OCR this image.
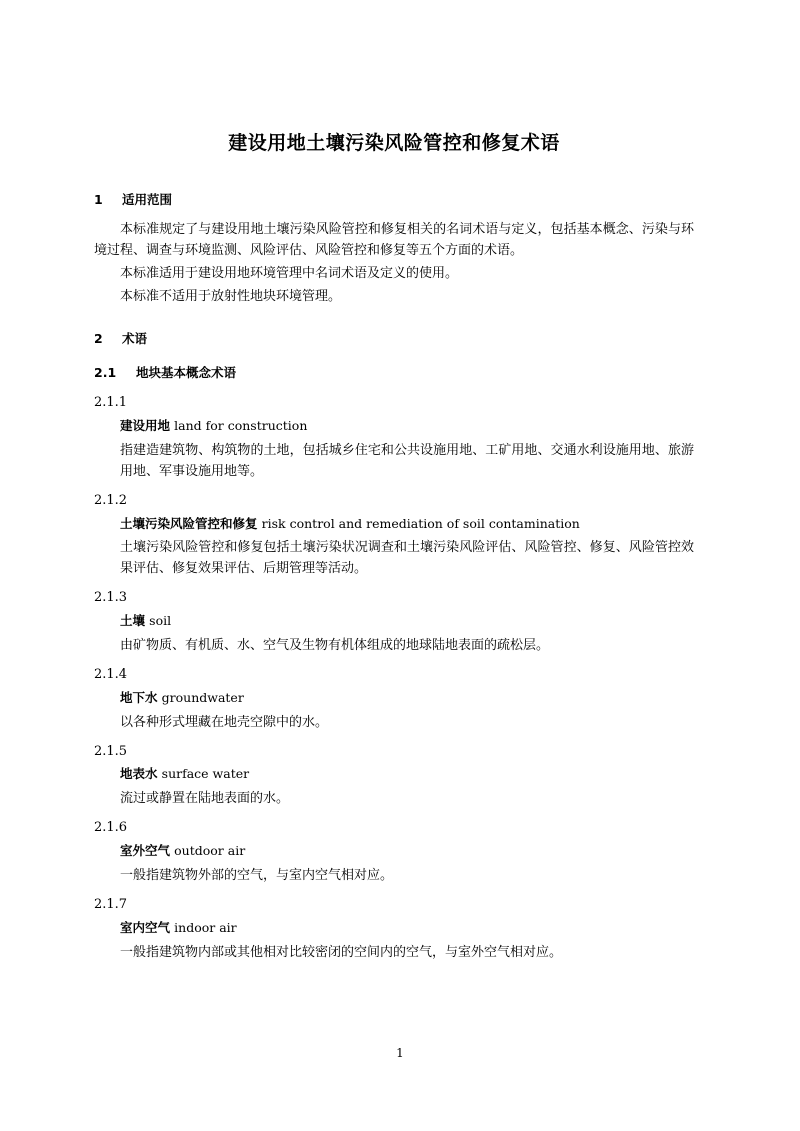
建设用地土壤污染风险管控和修复术语
1 适用范围

本标准规定了与建设用地土壤污染风险管控和修复相关的名词术语与定义，包括基本概念、污染与环境过程、调查与环境监测、风险评估、风险管控和修复等五个方面的术语。

本标准适用于建设用地环境管理中名词术语及定义的使用。

本标准不适用于放射性地块环境管理。

2 术语
2.1 地块基本概念术语
2.1.1
建设用地 land for construction
指建造建筑物、构筑物的土地，包括城乡住宅和公共设施用地、工矿用地、交通水利设施用地、旅游用地、军事设施用地等。
2.1.2
土壤污染风险管控和修复 risk control and remediation of soil contamination
土壤污染风险管控和修复包括土壤污染状况调查和土壤污染风险评估、风险管控、修复、风险管控效果评估、修复效果评估、后期管理等活动。
2.1.3
土壤 soil
由矿物质、有机质、水、空气及生物有机体组成的地球陆地表面的疏松层。
2.1.4
地下水 groundwater
以各种形式埋藏在地壳空隙中的水。
2.1.5
地表水 surface water
流过或静置在陆地表面的水。
2.1.6
室外空气 outdoor air
一般指建筑物外部的空气，与室内空气相对应。
2.1.7
室内空气 indoor air
一般指建筑物内部或其他相对比较密闭的空间内的空气，与室外空气相对应。
1
